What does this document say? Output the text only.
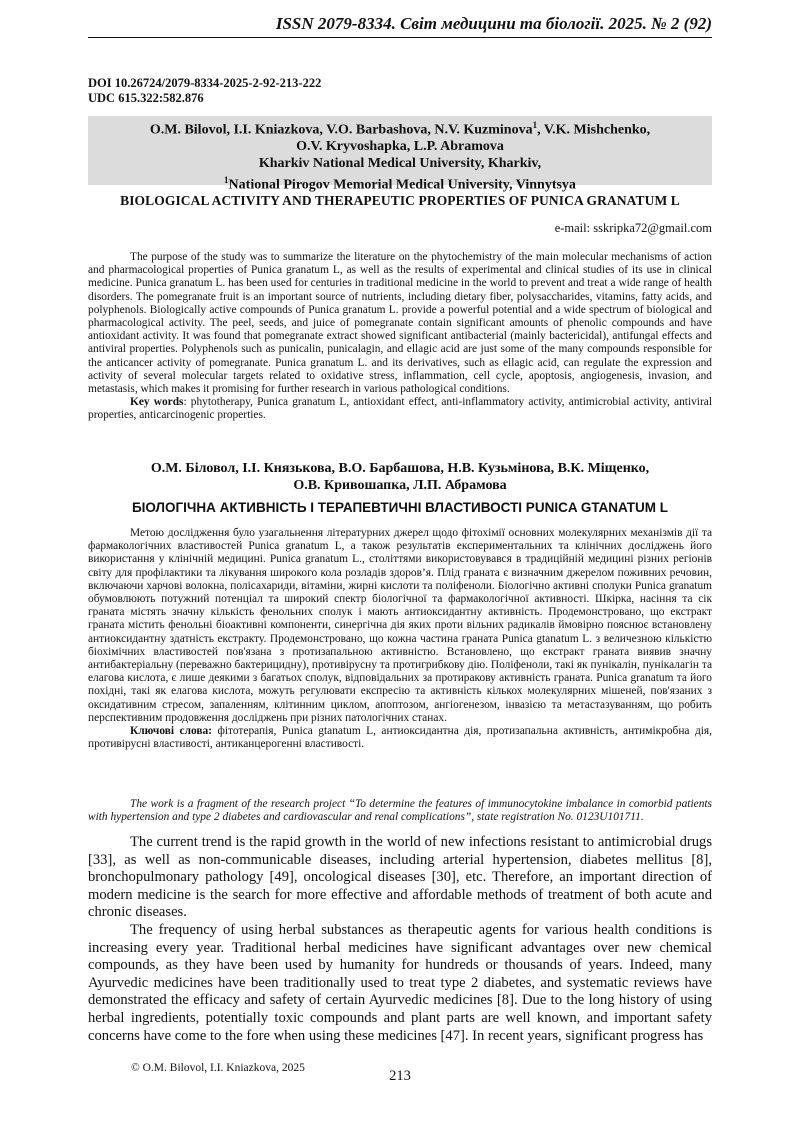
ISSN 2079-8334. Світ медицини та біології. 2025. № 2 (92)
DOI 10.26724/2079-8334-2025-2-92-213-222
UDC 615.322:582.876
O.M. Bilovol, I.I. Kniazkova, V.O. Barbashova, N.V. Kuzminova$^1$, V.K. Mishchenko,
O.V. Kryvoshapka, L.P. Abramova
Kharkiv National Medical University, Kharkiv,
$^1$National Pirogov Memorial Medical University, Vinnytsya
BIOLOGICAL ACTIVITY AND THERAPEUTIC PROPERTIES OF PUNICA GRANATUM L
e-mail: sskripka72@gmail.com

The purpose of the study was to summarize the literature on the phytochemistry of the main molecular mechanisms of action and pharmacological properties of Punica granatum L, as well as the results of experimental and clinical studies of its use in clinical medicine. Punica granatum L. has been used for centuries in traditional medicine in the world to prevent and treat a wide range of health disorders. The pomegranate fruit is an important source of nutrients, including dietary fiber, polysaccharides, vitamins, fatty acids, and polyphenols. Biologically active compounds of Punica granatum L. provide a powerful potential and a wide spectrum of biological and pharmacological activity. The peel, seeds, and juice of pomegranate contain significant amounts of phenolic compounds and have antioxidant activity. It was found that pomegranate extract showed significant antibacterial (mainly bactericidal), antifungal effects and antiviral properties. Polyphenols such as punicalin, punicalagin, and ellagic acid are just some of the many compounds responsible for the anticancer activity of pomegranate. Punica granatum L. and its derivatives, such as ellagic acid, can regulate the expression and activity of several molecular targets related to oxidative stress, inflammation, cell cycle, apoptosis, angiogenesis, invasion, and metastasis, which makes it promising for further research in various pathological conditions.

Key words: phytotherapy, Punica granatum L, antioxidant effect, anti-inflammatory activity, antimicrobial activity, antiviral properties, anticarcinogenic properties.

О.М. Біловол, І.І. Князькова, В.О. Барбашова, Н.В. Кузьмінова, В.К. Міщенко,
О.В. Кривошапка, Л.П. Абрамова
БІОЛОГІЧНА АКТИВНІСТЬ І ТЕРАПЕВТИЧНІ ВЛАСТИВОСТІ PUNICA GTANATUM L

Метою дослідження було узагальнення літературних джерел щодо фітохімії основних молекулярних механізмів дії та фармакологічних властивостей Punica granatum L, а також результатів експериментальних та клінічних досліджень його використання у клінічній медицині. Punica granatum L., століттями використовувався в традиційній медицині різних регіонів світу для профілактики та лікування широкого кола розладів здоров’я. Плід граната є визначним джерелом поживних речовин, включаючи харчові волокна, полісахариди, вітаміни, жирні кислоти та поліфеноли. Біологічно активні сполуки Punica granatum обумовлюють потужний потенціал та широкий спектр біологічної та фармакологічної активності. Шкірка, насіння та сік граната містять значну кількість фенольних сполук і мають антиоксидантну активність. Продемонстровано, що екстракт граната містить фенольні біоактивні компоненти, синергічна дія яких проти вільних радикалів ймовірно пояснює встановлену антиоксидантну здатність екстракту. Продемонстровано, що кожна частина граната Punica gtanatum L. з величезною кількістю біохімічних властивостей пов'язана з протизапальною активністю. Встановлено, що екстракт граната виявив значну антибактеріальну (переважно бактерицидну), противірусну та протигрибкову дію. Поліфеноли, такі як пунікалін, пунікалагін та елагова кислота, є лише деякими з багатьох сполук, відповідальних за протиракову активність граната. Punica granatum та його похідні, такі як елагова кислота, можуть регулювати експресію та активність кількох молекулярних мішеней, пов'язаних з оксидативним стресом, запаленням, клітинним циклом, апоптозом, ангіогенезом, інвазією та метастазуванням, що робить перспективним продовження досліджень при різних патологічних станах.

Ключові слова: фітотерапія, Punica gtanatum L, антиоксидантна дія, протизапальна активність, антимікробна дія, противірусні властивості, антиканцерогенні властивості.

The work is a fragment of the research project “To determine the features of immunocytokine imbalance in comorbid patients with hypertension and type 2 diabetes and cardiovascular and renal complications”, state registration No. 0123U101711.

The current trend is the rapid growth in the world of new infections resistant to antimicrobial drugs [33], as well as non-communicable diseases, including arterial hypertension, diabetes mellitus [8], bronchopulmonary pathology [49], oncological diseases [30], etc. Therefore, an important direction of modern medicine is the search for more effective and affordable methods of treatment of both acute and chronic diseases.

The frequency of using herbal substances as therapeutic agents for various health conditions is increasing every year. Traditional herbal medicines have significant advantages over new chemical compounds, as they have been used by humanity for hundreds or thousands of years. Indeed, many Ayurvedic medicines have been traditionally used to treat type 2 diabetes, and systematic reviews have demonstrated the efficacy and safety of certain Ayurvedic medicines [8]. Due to the long history of using herbal ingredients, potentially toxic compounds and plant parts are well known, and important safety concerns have come to the fore when using these medicines [47]. In recent years, significant progress has

© O.M. Bilovol, I.I. Kniazkova, 2025	213
